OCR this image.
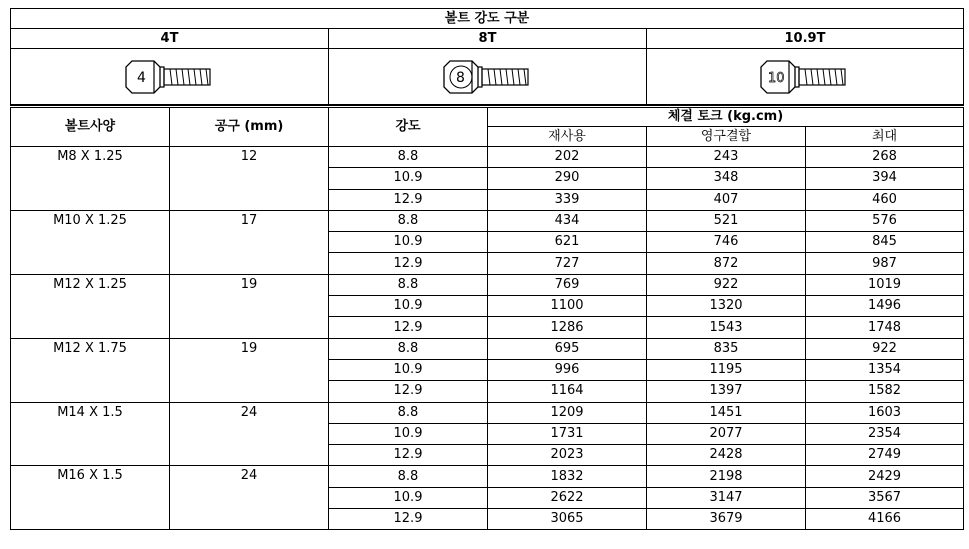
볼트 강도 구분		
4T	8T	10.9T

4	8	10
볼트사양	공구 (mm)	강도	체결 토크 (kg.cm)		
			재사용	영구결합	최대
M8 X 1.25	12	8.8	202	243	268
		10.9	290	348	394
		12.9	339	407	460
M10 X 1.25	17	8.8	434	521	576
		10.9	621	746	845
		12.9	727	872	987
M12 X 1.25	19	8.8	769	922	1019
		10.9	1100	1320	1496
		12.9	1286	1543	1748
M12 X 1.75	19	8.8	695	835	922
		10.9	996	1195	1354
		12.9	1164	1397	1582
M14 X 1.5	24	8.8	1209	1451	1603
		10.9	1731	2077	2354
		12.9	2023	2428	2749
M16 X 1.5	24	8.8	1832	2198	2429
		10.9	2622	3147	3567
		12.9	3065	3679	4166
